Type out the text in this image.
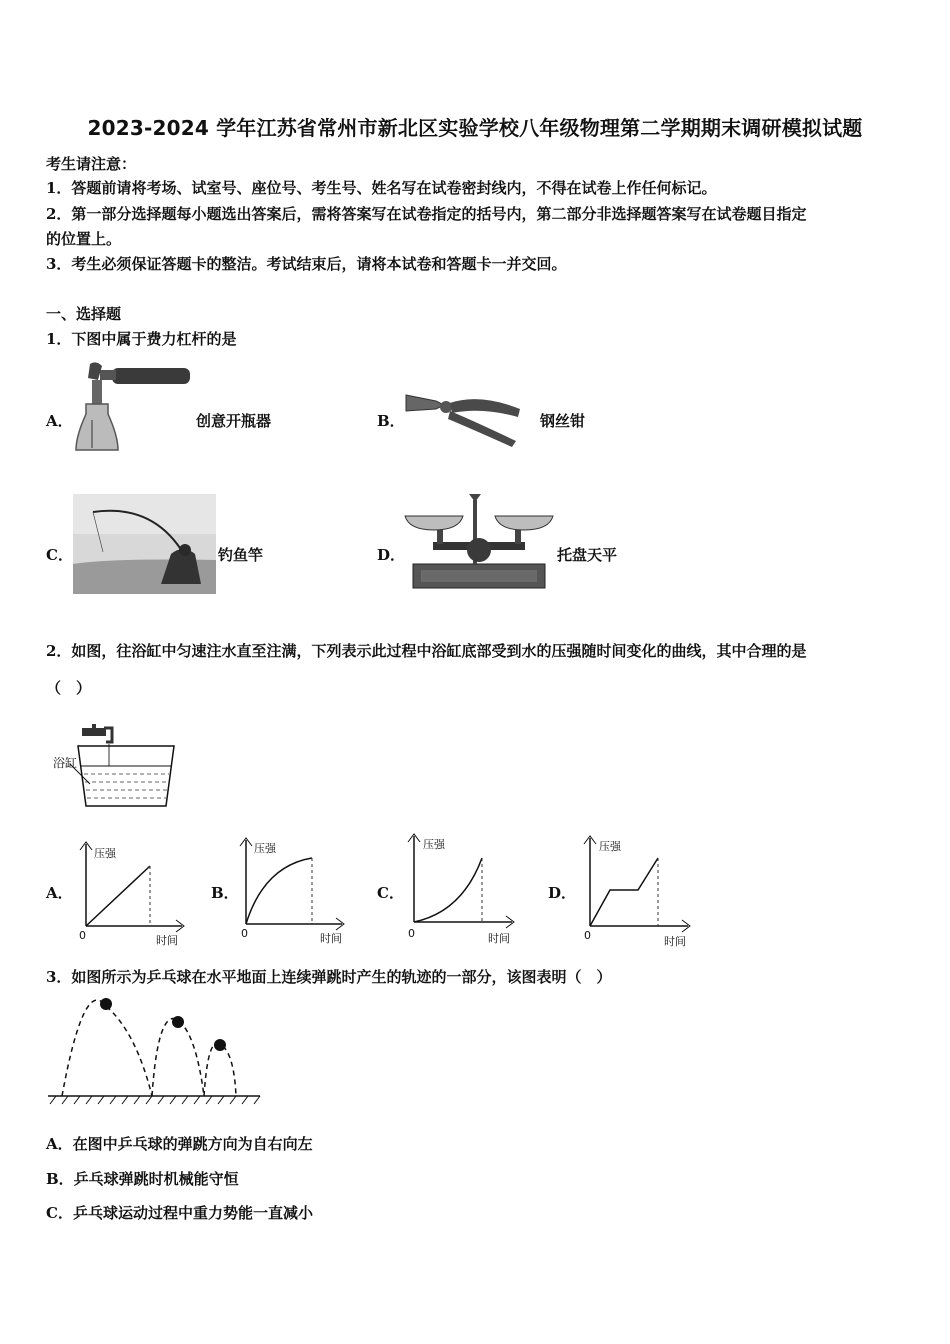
2023-2024 学年江苏省常州市新北区实验学校八年级物理第二学期期末调研模拟试题
考生请注意：
1．答题前请将考场、试室号、座位号、考生号、姓名写在试卷密封线内，不得在试卷上作任何标记。
2．第一部分选择题每小题选出答案后，需将答案写在试卷指定的括号内，第二部分非选择题答案写在试卷题目指定
的位置上。
3．考生必须保证答题卡的整洁。考试结束后，请将本试卷和答题卡一并交回。
一、选择题
1．下图中属于费力杠杆的是
A．	创意开瓶器	B．	钢丝钳
C．	钓鱼竿	D．	托盘天平
2．如图，往浴缸中匀速注水直至注满，下列表示此过程中浴缸底部受到水的压强随时间变化的曲线，其中合理的是
（　）
浴缸
A．
压强
时间
0
B．
压强
时间
0
C．
压强
时间
0
D．
压强
时间
0
3．如图所示为乒乓球在水平地面上连续弹跳时产生的轨迹的一部分，该图表明（　）
A．在图中乒乓球的弹跳方向为自右向左
B．乒乓球弹跳时机械能守恒
C．乒乓球运动过程中重力势能一直减小
